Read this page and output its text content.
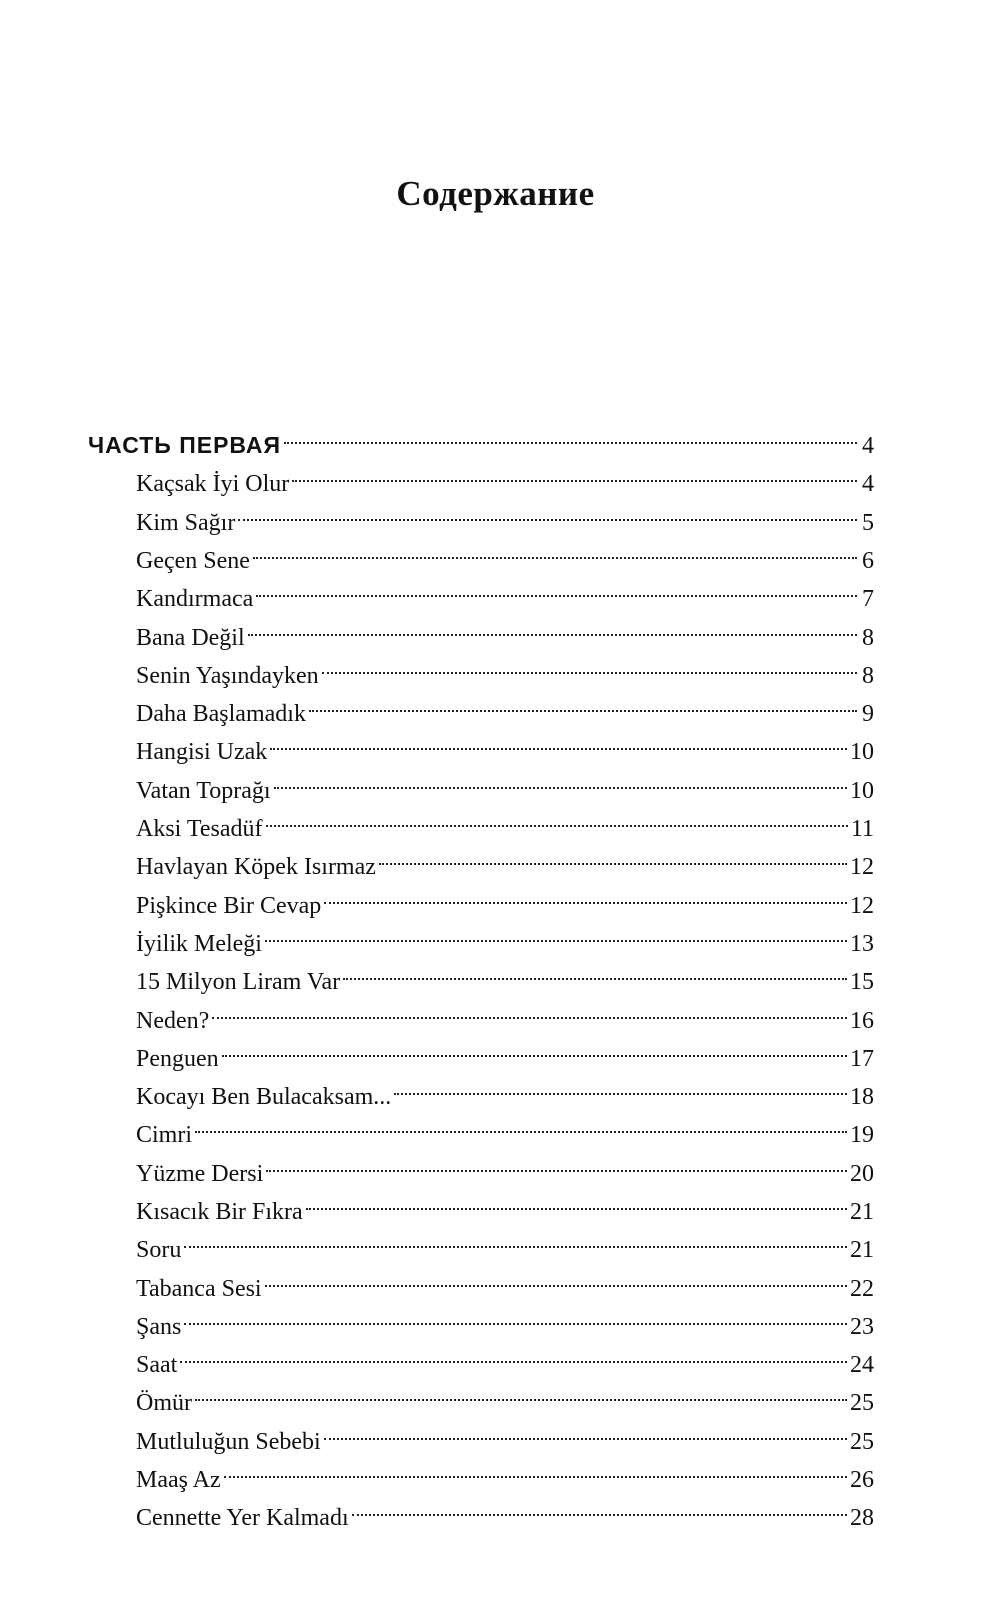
Содержание
ЧАСТЬ ПЕРВАЯ	4
Kaçsak İyi Olur	4
Kim Sağır	5
Geçen Sene	6
Kandırmaca	7
Bana Değil	8
Senin Yaşındayken	8
Daha Başlamadık	9
Hangisi Uzak	10
Vatan Toprağı	10
Aksi Tesadüf	11
Havlayan Köpek Isırmaz	12
Pişkince Bir Cevap	12
İyilik Meleği	13
15 Milyon Liram Var	15
Neden?	16
Penguen	17
Kocayı Ben Bulacaksam...	18
Cimri	19
Yüzme Dersi	20
Kısacık Bir Fıkra	21
Soru	21
Tabanca Sesi	22
Şans	23
Saat	24
Ömür	25
Mutluluğun Sebebi	25
Maaş Az	26
Cennette Yer Kalmadı	28
